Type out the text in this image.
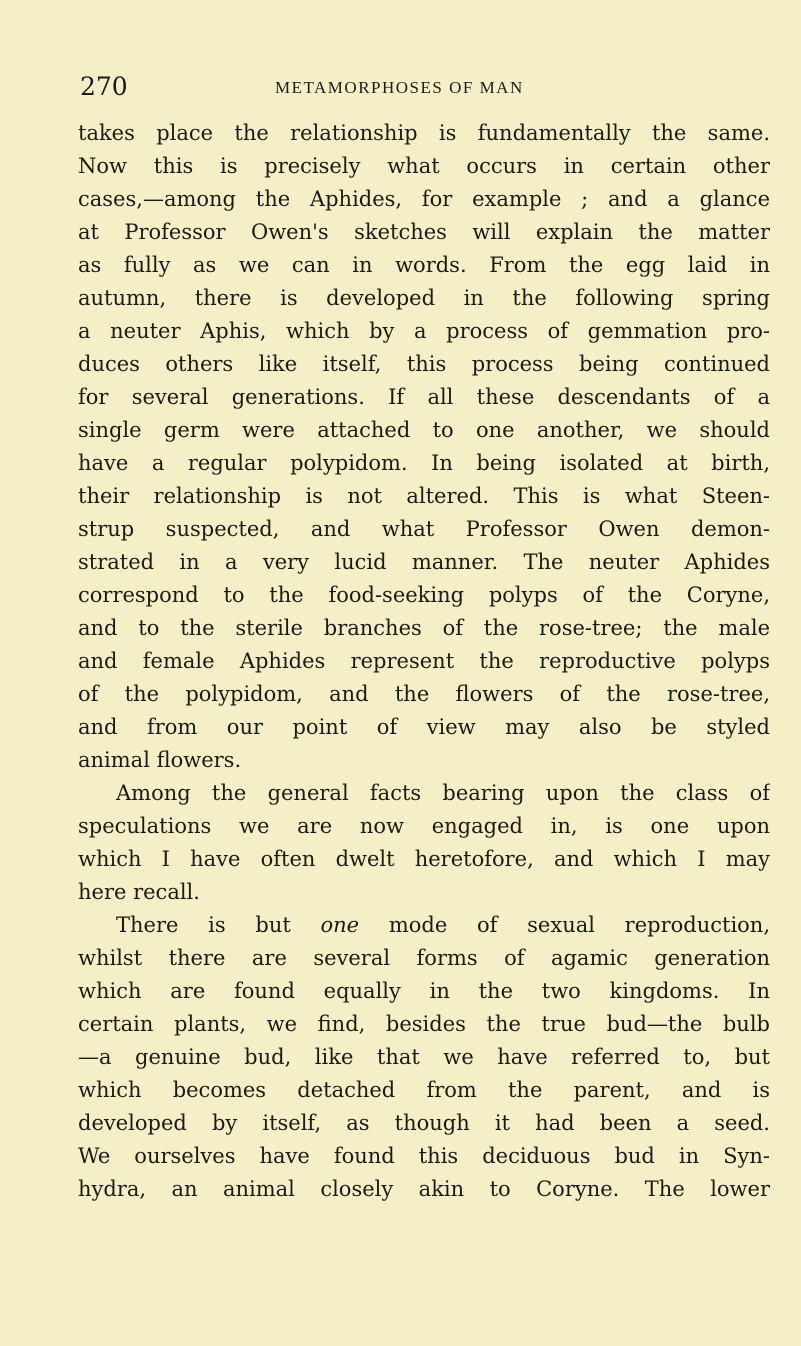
270	METAMORPHOSES OF MAN
takes place the relationship is fundamentally the same.
Now this is precisely what occurs in certain other
cases,—among the Aphides, for example ; and a glance
at Professor Owen's sketches will explain the matter
as fully as we can in words. From the egg laid in
autumn, there is developed in the following spring
a neuter Aphis, which by a process of gemmation pro-
duces others like itself, this process being continued
for several generations. If all these descendants of a
single germ were attached to one another, we should
have a regular polypidom. In being isolated at birth,
their relationship is not altered. This is what Steen-
strup suspected, and what Professor Owen demon-
strated in a very lucid manner. The neuter Aphides
correspond to the food-seeking polyps of the Coryne,
and to the sterile branches of the rose-tree; the male
and female Aphides represent the reproductive polyps
of the polypidom, and the flowers of the rose-tree,
and from our point of view may also be styled
animal flowers.
Among the general facts bearing upon the class of
speculations we are now engaged in, is one upon
which I have often dwelt heretofore, and which I may
here recall.
There is but one mode of sexual reproduction,
whilst there are several forms of agamic generation
which are found equally in the two kingdoms. In
certain plants, we find, besides the true bud—the bulb
—a genuine bud, like that we have referred to, but
which becomes detached from the parent, and is
developed by itself, as though it had been a seed.
We ourselves have found this deciduous bud in Syn-
hydra, an animal closely akin to Coryne. The lower
